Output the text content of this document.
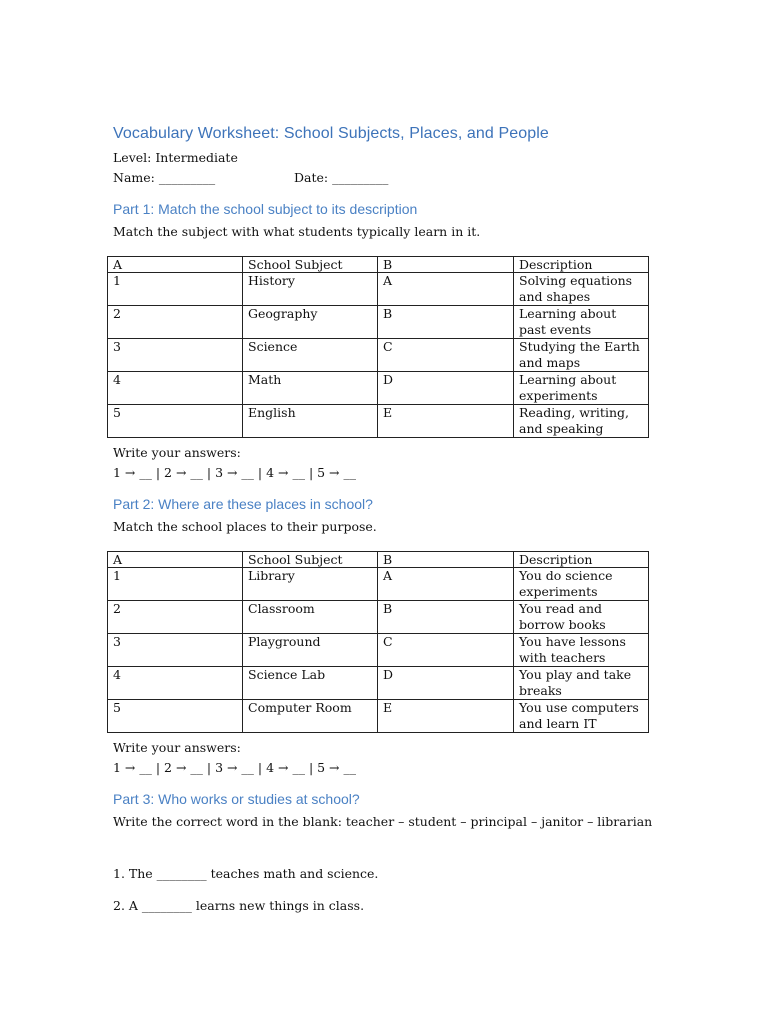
Vocabulary Worksheet: School Subjects, Places, and People
Level: Intermediate
Name: _________	Date: _________
Part 1: Match the school subject to its description
Match the subject with what students typically learn in it.
A	School Subject	B	Description
1	History	A	Solving equations and shapes
2	Geography	B	Learning about past events
3	Science	C	Studying the Earth and maps
4	Math	D	Learning about experiments
5	English	E	Reading, writing, and speaking
Write your answers:
1 → __ | 2 → __ | 3 → __ | 4 → __ | 5 → __
Part 2: Where are these places in school?
Match the school places to their purpose.
A	School Subject	B	Description
1	Library	A	You do science experiments
2	Classroom	B	You read and borrow books
3	Playground	C	You have lessons with teachers
4	Science Lab	D	You play and take breaks
5	Computer Room	E	You use computers and learn IT
Write your answers:
1 → __ | 2 → __ | 3 → __ | 4 → __ | 5 → __
Part 3: Who works or studies at school?
Write the correct word in the blank: teacher – student – principal – janitor – librarian
1. The ________ teaches math and science.
2. A ________ learns new things in class.
